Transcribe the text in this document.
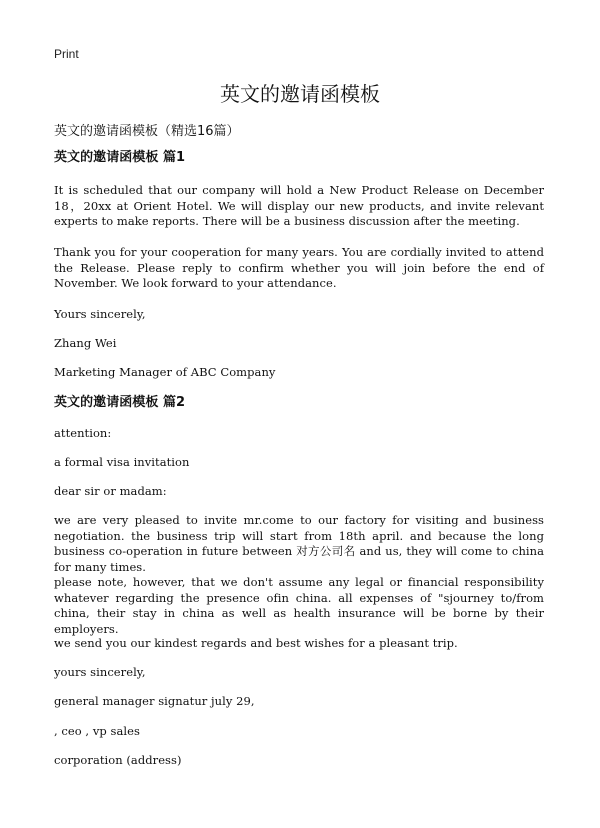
Print
英文的邀请函模板
英文的邀请函模板（精选16篇）

英文的邀请函模板 篇1

It is scheduled that our company will hold a New Product Release on December 18，20xx at Orient Hotel. We will display our new products, and invite relevant experts to make reports. There will be a business discussion after the meeting.

Thank you for your cooperation for many years. You are cordially invited to attend the Release. Please reply to confirm whether you will join before the end of November. We look forward to your attendance.

Yours sincerely,

Zhang Wei

Marketing Manager of ABC Company

英文的邀请函模板 篇2

attention:

a formal visa invitation

dear sir or madam:

we are very pleased to invite mr.come to our factory for visiting and business negotiation. the business trip will start from 18th april. and because the long business co-operation in future between 对方公司名 and us, they will come to china for many times.

please note, however, that we don't assume any legal or financial responsibility whatever regarding the presence ofin china. all expenses of "sjourney to/from china, their stay in china as well as health insurance will be borne by their employers.

we send you our kindest regards and best wishes for a pleasant trip.

yours sincerely,

general manager signatur july 29,

, ceo , vp sales

corporation (address)
